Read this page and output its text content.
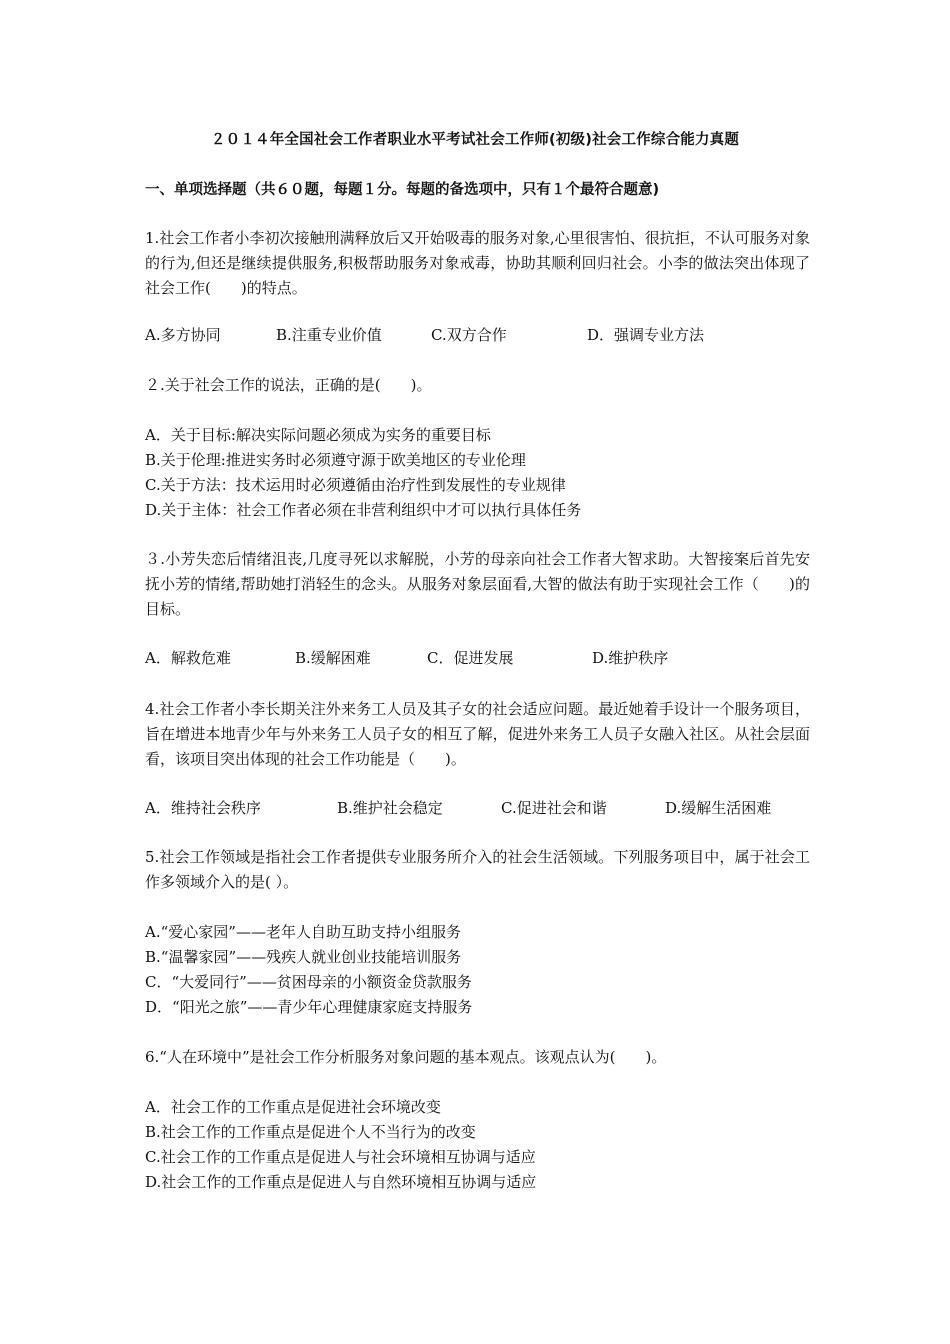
２０１４年全国社会工作者职业水平考试社会工作师(初级)社会工作综合能力真题
一、单项选择题（共６０题，每题１分。每题的备选项中，只有１个最符合题意)
1.社会工作者小李初次接触刑满释放后又开始吸毒的服务对象,心里很害怕、很抗拒，不认可服务对象的行为,但还是继续提供服务,积极帮助服务对象戒毒，协助其顺利回归社会。小李的做法突出体现了社会工作(　　)的特点。
A.多方协同	B.注重专业价值	C.双方合作	D．强调专业方法
２.关于社会工作的说法，正确的是(　　)。
A．关于目标:解决实际问题必须成为实务的重要目标
B.关于伦理:推进实务时必须遵守源于欧美地区的专业伦理
C.关于方法：技术运用时必须遵循由治疗性到发展性的专业规律
D.关于主体：社会工作者必须在非营利组织中才可以执行具体任务
３.小芳失恋后情绪沮丧,几度寻死以求解脱，小芳的母亲向社会工作者大智求助。大智接案后首先安抚小芳的情绪,帮助她打消轻生的念头。从服务对象层面看,大智的做法有助于实现社会工作（　　)的目标。
A．解救危难	B.缓解困难	C．促进发展	D.维护秩序
4.社会工作者小李长期关注外来务工人员及其子女的社会适应问题。最近她着手设计一个服务项目，旨在增进本地青少年与外来务工人员子女的相互了解，促进外来务工人员子女融入社区。从社会层面看，该项目突出体现的社会工作功能是（　　)。
A．维持社会秩序	B.维护社会稳定	C.促进社会和谐	D.缓解生活困难
5.社会工作领域是指社会工作者提供专业服务所介入的社会生活领域。下列服务项目中，属于社会工作多领域介入的是( ）。
A.“爱心家园”——老年人自助互助支持小组服务
B.“温馨家园”——残疾人就业创业技能培训服务
C．“大爱同行”——贫困母亲的小额资金贷款服务
D．“阳光之旅”——青少年心理健康家庭支持服务
6.“人在环境中”是社会工作分析服务对象问题的基本观点。该观点认为(　　)。
A．社会工作的工作重点是促进社会环境改变
B.社会工作的工作重点是促进个人不当行为的改变
C.社会工作的工作重点是促进人与社会环境相互协调与适应
D.社会工作的工作重点是促进人与自然环境相互协调与适应
